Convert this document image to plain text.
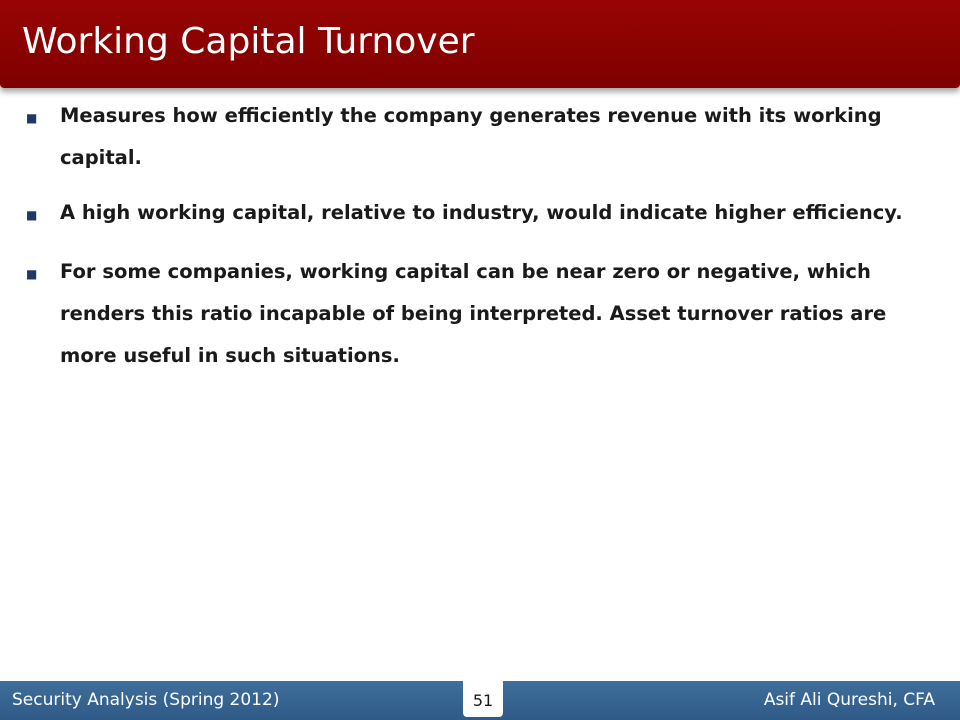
Working Capital Turnover
■	Measures how efficiently the company generates revenue with its working capital.
■	A high working capital, relative to industry, would indicate higher efficiency.
■	For some companies, working capital can be near zero or negative, which renders this ratio incapable of being interpreted. Asset turnover ratios are more useful in such situations.
Security Analysis (Spring 2012)	Asif Ali Qureshi, CFA
51
